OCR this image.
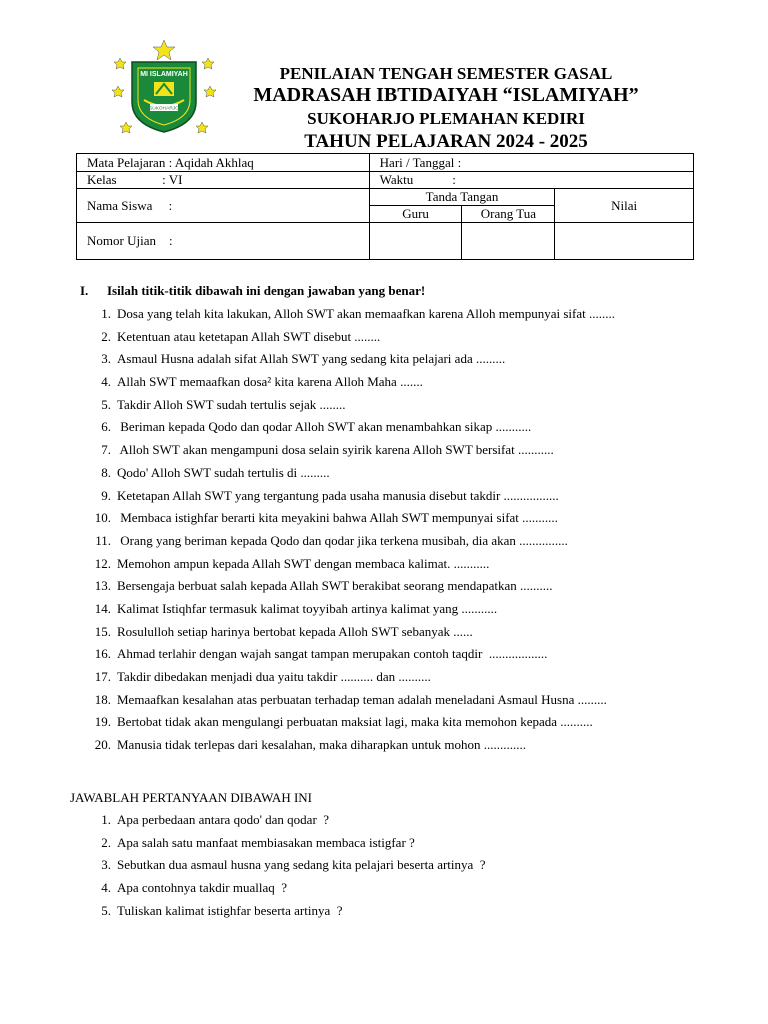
MI ISLAMIYAH
SUKOHARJO
PENILAIAN TENGAH SEMESTER GASAL
MADRASAH IBTIDAIYAH “ISLAMIYAH”
SUKOHARJO PLEMAHAN KEDIRI
TAHUN PELAJARAN 2024 - 2025
Mata Pelajaran : Aqidah Akhlaq	Hari / Tanggal :		
Kelas              : VI	Waktu            :		
Nama Siswa     :	Tanda Tangan		Nilai
	Guru	Orang Tua	
Nomor Ujian    :			
I. Isilah titik-titik dibawah ini dengan jawaban yang benar!
1. Dosa yang telah kita lakukan, Alloh SWT akan memaafkan karena Alloh mempunyai sifat ........
2. Ketentuan atau ketetapan Allah SWT disebut ........
3. Asmaul Husna adalah sifat Allah SWT yang sedang kita pelajari ada .........
4. Allah SWT memaafkan dosa² kita karena Alloh Maha .......
5. Takdir Alloh SWT sudah tertulis sejak ........
6. Beriman kepada Qodo dan qodar Alloh SWT akan menambahkan sikap ...........
7. Alloh SWT akan mengampuni dosa selain syirik karena Alloh SWT bersifat ...........
8. Qodo' Alloh SWT sudah tertulis di .........
9. Ketetapan Allah SWT yang tergantung pada usaha manusia disebut takdir .................
10. Membaca istighfar berarti kita meyakini bahwa Allah SWT mempunyai sifat ...........
11. Orang yang beriman kepada Qodo dan qodar jika terkena musibah, dia akan ...............
12. Memohon ampun kepada Allah SWT dengan membaca kalimat. ...........
13. Bersengaja berbuat salah kepada Allah SWT berakibat seorang mendapatkan ..........
14. Kalimat Istiqhfar termasuk kalimat toyyibah artinya kalimat yang ...........
15. Rosululloh setiap harinya bertobat kepada Alloh SWT sebanyak ......
16. Ahmad terlahir dengan wajah sangat tampan merupakan contoh taqdir  ..................
17. Takdir dibedakan menjadi dua yaitu takdir .......... dan ..........
18. Memaafkan kesalahan atas perbuatan terhadap teman adalah meneladani Asmaul Husna .........
19. Bertobat tidak akan mengulangi perbuatan maksiat lagi, maka kita memohon kepada ..........
20. Manusia tidak terlepas dari kesalahan, maka diharapkan untuk mohon .............
JAWABLAH PERTANYAAN DIBAWAH INI
1. Apa perbedaan antara qodo' dan qodar  ?
2. Apa salah satu manfaat membiasakan membaca istigfar ?
3. Sebutkan dua asmaul husna yang sedang kita pelajari beserta artinya  ?
4. Apa contohnya takdir muallaq  ?
5. Tuliskan kalimat istighfar beserta artinya  ?
